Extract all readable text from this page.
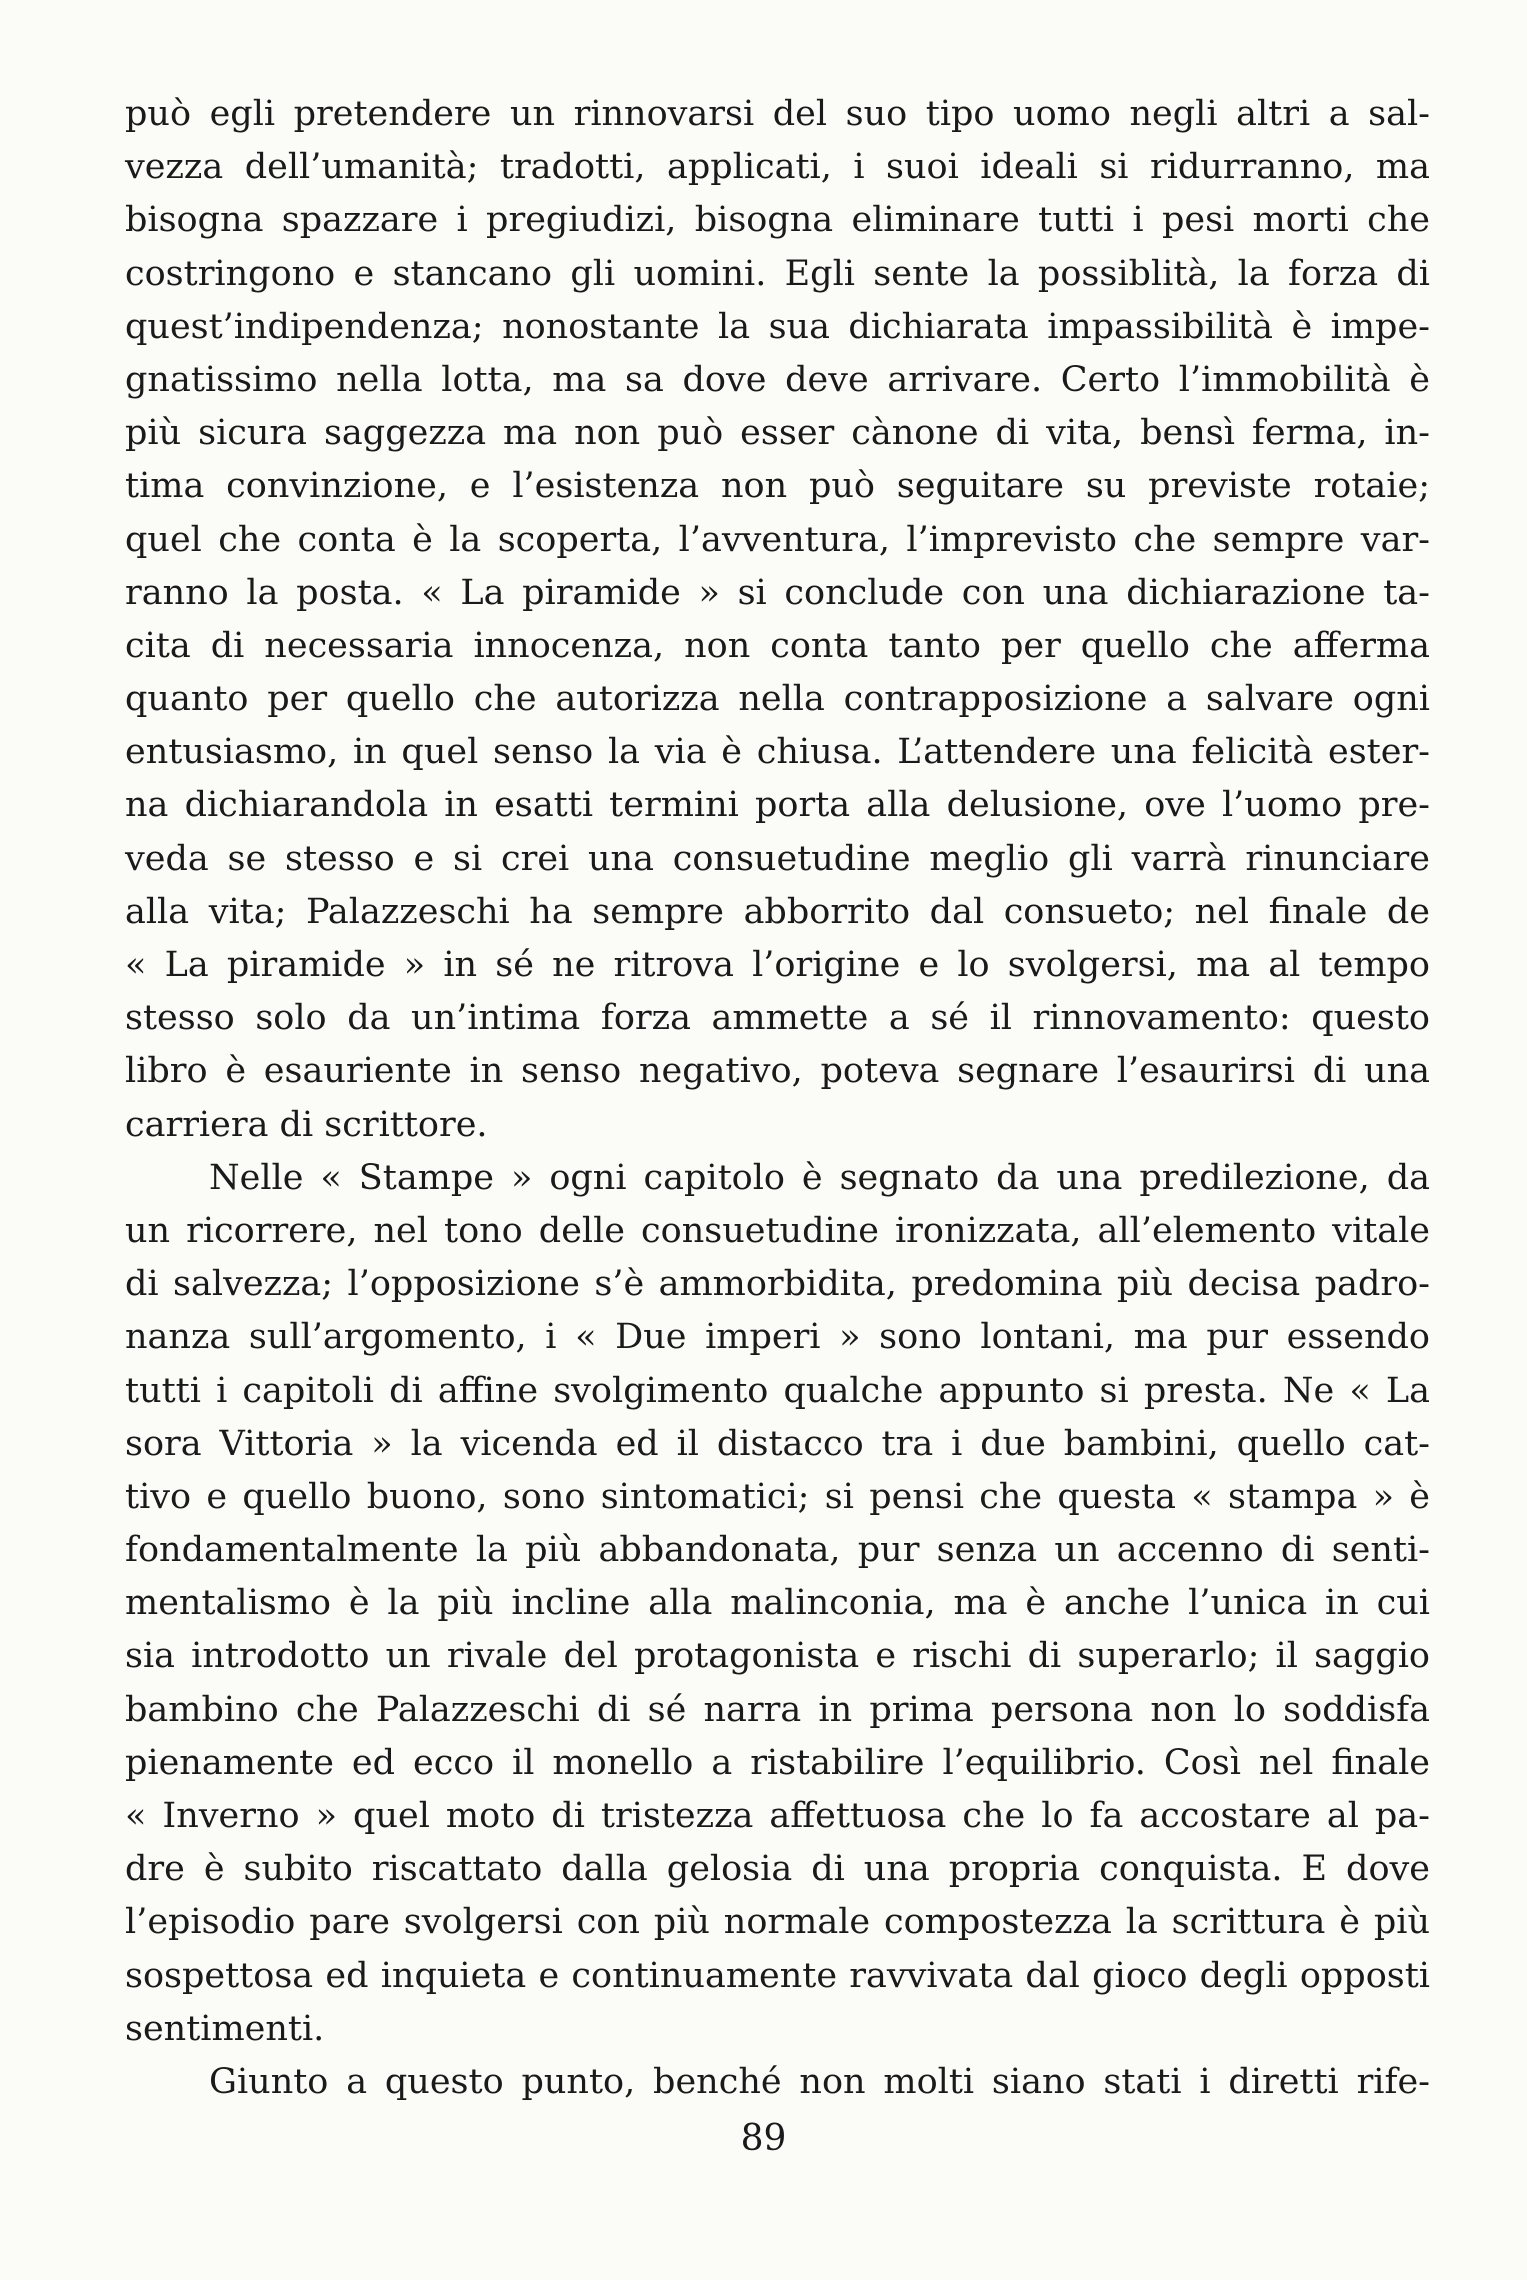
può egli pretendere un rinnovarsi del suo tipo uomo negli altri a sal-
vezza dell’umanità; tradotti, applicati, i suoi ideali si ridurranno, ma
bisogna spazzare i pregiudizi, bisogna eliminare tutti i pesi morti che
costringono e stancano gli uomini. Egli sente la possiblità, la forza di
quest’indipendenza; nonostante la sua dichiarata impassibilità è impe-
gnatissimo nella lotta, ma sa dove deve arrivare. Certo l’immobilità è
più sicura saggezza ma non può esser cànone di vita, bensì ferma, in-
tima convinzione, e l’esistenza non può seguitare su previste rotaie;
quel che conta è la scoperta, l’avventura, l’imprevisto che sempre var-
ranno la posta. « La piramide » si conclude con una dichiarazione ta-
cita di necessaria innocenza, non conta tanto per quello che afferma
quanto per quello che autorizza nella contrapposizione a salvare ogni
entusiasmo, in quel senso la via è chiusa. L’attendere una felicità ester-
na dichiarandola in esatti termini porta alla delusione, ove l’uomo pre-
veda se stesso e si crei una consuetudine meglio gli varrà rinunciare
alla vita; Palazzeschi ha sempre abborrito dal consueto; nel finale de
« La piramide » in sé ne ritrova l’origine e lo svolgersi, ma al tempo
stesso solo da un’intima forza ammette a sé il rinnovamento: questo
libro è esauriente in senso negativo, poteva segnare l’esaurirsi di una
carriera di scrittore.
Nelle « Stampe » ogni capitolo è segnato da una predilezione, da
un ricorrere, nel tono delle consuetudine ironizzata, all’elemento vitale
di salvezza; l’opposizione s’è ammorbidita, predomina più decisa padro-
nanza sull’argomento, i « Due imperi » sono lontani, ma pur essendo
tutti i capitoli di affine svolgimento qualche appunto si presta. Ne « La
sora Vittoria » la vicenda ed il distacco tra i due bambini, quello cat-
tivo e quello buono, sono sintomatici; si pensi che questa « stampa » è
fondamentalmente la più abbandonata, pur senza un accenno di senti-
mentalismo è la più incline alla malinconia, ma è anche l’unica in cui
sia introdotto un rivale del protagonista e rischi di superarlo; il saggio
bambino che Palazzeschi di sé narra in prima persona non lo soddisfa
pienamente ed ecco il monello a ristabilire l’equilibrio. Così nel finale
« Inverno » quel moto di tristezza affettuosa che lo fa accostare al pa-
dre è subito riscattato dalla gelosia di una propria conquista. E dove
l’episodio pare svolgersi con più normale compostezza la scrittura è più
sospettosa ed inquieta e continuamente ravvivata dal gioco degli opposti
sentimenti.
Giunto a questo punto, benché non molti siano stati i diretti rife-
89
